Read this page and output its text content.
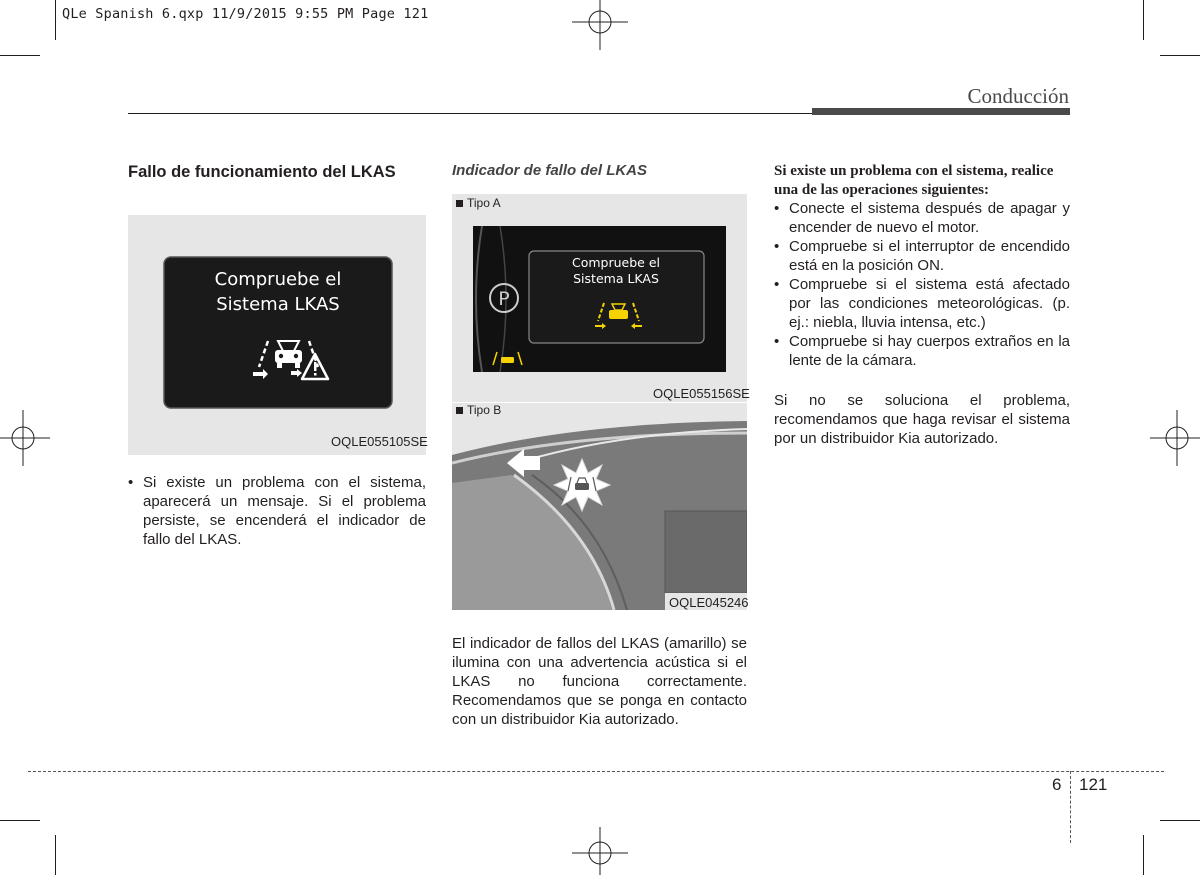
QLe Spanish 6.qxp 11/9/2015 9:55 PM Page 121
Conducción
Fallo de funcionamiento del LKAS
Compruebe el
Sistema LKAS
OQLE055105SE
• Si existe un problema con el sistema, aparecerá un mensaje. Si el problema persiste, se encenderá el indicador de fallo del LKAS.
Indicador de fallo del LKAS
Tipo A
P
Compruebe el
Sistema LKAS
OQLE055156SE
Tipo B
OQLE045246
El indicador de fallos del LKAS (amarillo) se ilumina con una advertencia acústica si el LKAS no funciona correctamente. Recomendamos que se ponga en contacto con un distribuidor Kia autorizado.
Si existe un problema con el sistema, realice una de las operaciones siguientes:
• Conecte el sistema después de apagar y encender de nuevo el motor.
• Compruebe si el interruptor de encendido está en la posición ON.
• Compruebe si el sistema está afectado por las condiciones meteorológicas. (p. ej.: niebla, lluvia intensa, etc.)
• Compruebe si hay cuerpos extraños en la lente de la cámara.
Si no se soluciona el problema, recomendamos que haga revisar el sistema por un distribuidor Kia autorizado.
6 121
